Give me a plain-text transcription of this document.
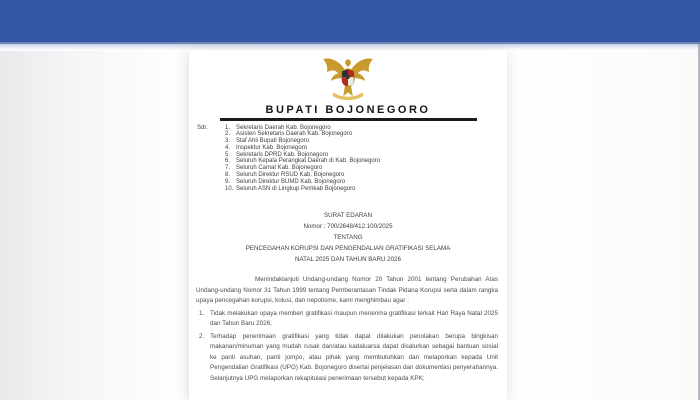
BUPATI BOJONEGORO
Sdr.	1. Sekretaris Daerah Kab. Bojonegoro
2. Asisten Sekretaris Daerah Kab. Bojonegoro
3. Staf Ahli Bupati Bojonegoro
4. Inspektur Kab. Bojonegoro
5. Sekretaris DPRD Kab. Bojonegoro
6. Seluruh Kepala Perangkat Daerah di Kab. Bojonegoro
7. Seluruh Camat Kab. Bojonegoro
8. Seluruh Direktur RSUD Kab. Bojonegoro
9. Seluruh Direktur BUMD Kab. Bojonegoro
10. Seluruh ASN di Lingkup Pemkab Bojonegoro
SURAT EDARAN
Nomor : 700/2648/412.100/2025
TENTANG
PENCEGAHAN KORUPSI DAN PENGENDALIAN GRATIFIKASI SELAMA
NATAL 2025 DAN TAHUN BARU 2026

Menindaklanjuti Undang-undang Nomor 20 Tahun 2001 tentang Perubahan Atas Undang-undang Nomor 31 Tahun 1999 tentang Pemberantasan Tindak Pidana Korupsi serta dalam rangka upaya pencegahan korupsi, kolusi, dan nepotisme, kami menghimbau agar :

1. Tidak melakukan upaya memberi gratifikasi maupun menerima gratifikasi terkait Hari Raya Natal 2025 dan Tahun Baru 2026;
2. Terhadap penerimaan gratifikasi yang tidak dapat dilakukan penolakan berupa bingkisan makanan/minuman yang mudah rusak dan/atau kadaluarsa dapat disalurkan sebagai bantuan sosial ke panti asuhan, panti jompo, atau pihak yang membutuhkan dan melaporkan kepada Unit Pengendalian Gratifikasi (UPG) Kab. Bojonegoro disertai penjelasan dan dokumentasi penyerahannya. Selanjutnya UPG melaporkan rekapitulasi penerimaan tersebut kepada KPK;
